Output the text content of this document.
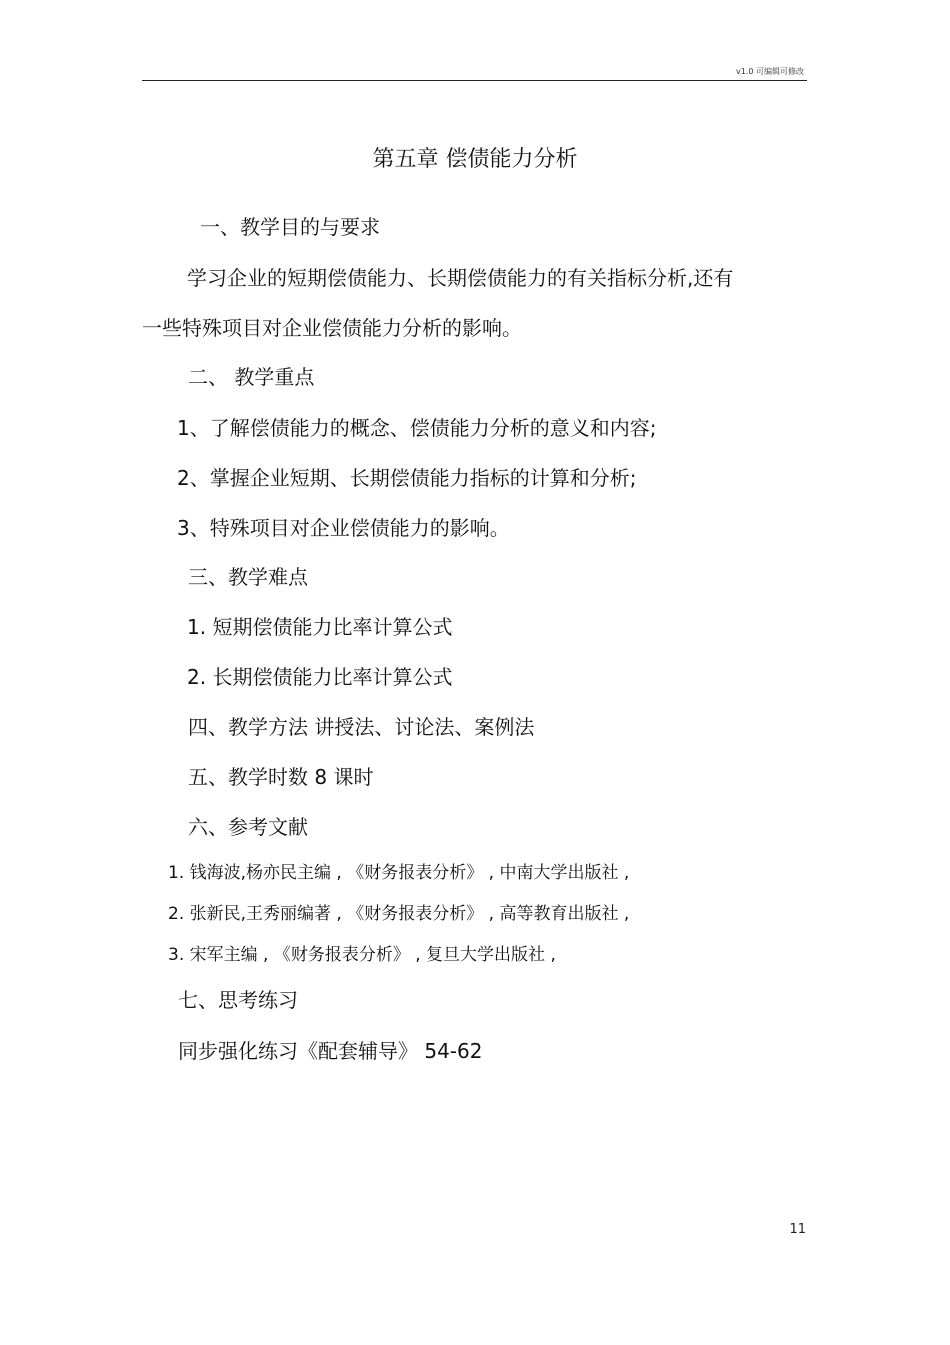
v1.0 可编辑可修改
第五章 偿债能力分析
一、教学目的与要求
学习企业的短期偿债能力、长期偿债能力的有关指标分析,还有
一些特殊项目对企业偿债能力分析的影响。
二、 教学重点
1、了解偿债能力的概念、偿债能力分析的意义和内容;
2、掌握企业短期、长期偿债能力指标的计算和分析;
3、特殊项目对企业偿债能力的影响。
三、教学难点
1. 短期偿债能力比率计算公式
2. 长期偿债能力比率计算公式
四、教学方法 讲授法、讨论法、案例法
五、教学时数 8 课时
六、参考文献
1. 钱海波,杨亦民主编 , 《财务报表分析》 , 中南大学出版社 ,
2. 张新民,王秀丽编著 , 《财务报表分析》 , 高等教育出版社 ,
3. 宋军主编 , 《财务报表分析》 , 复旦大学出版社 ,
七、思考练习
同步强化练习《配套辅导》 54-62
11
